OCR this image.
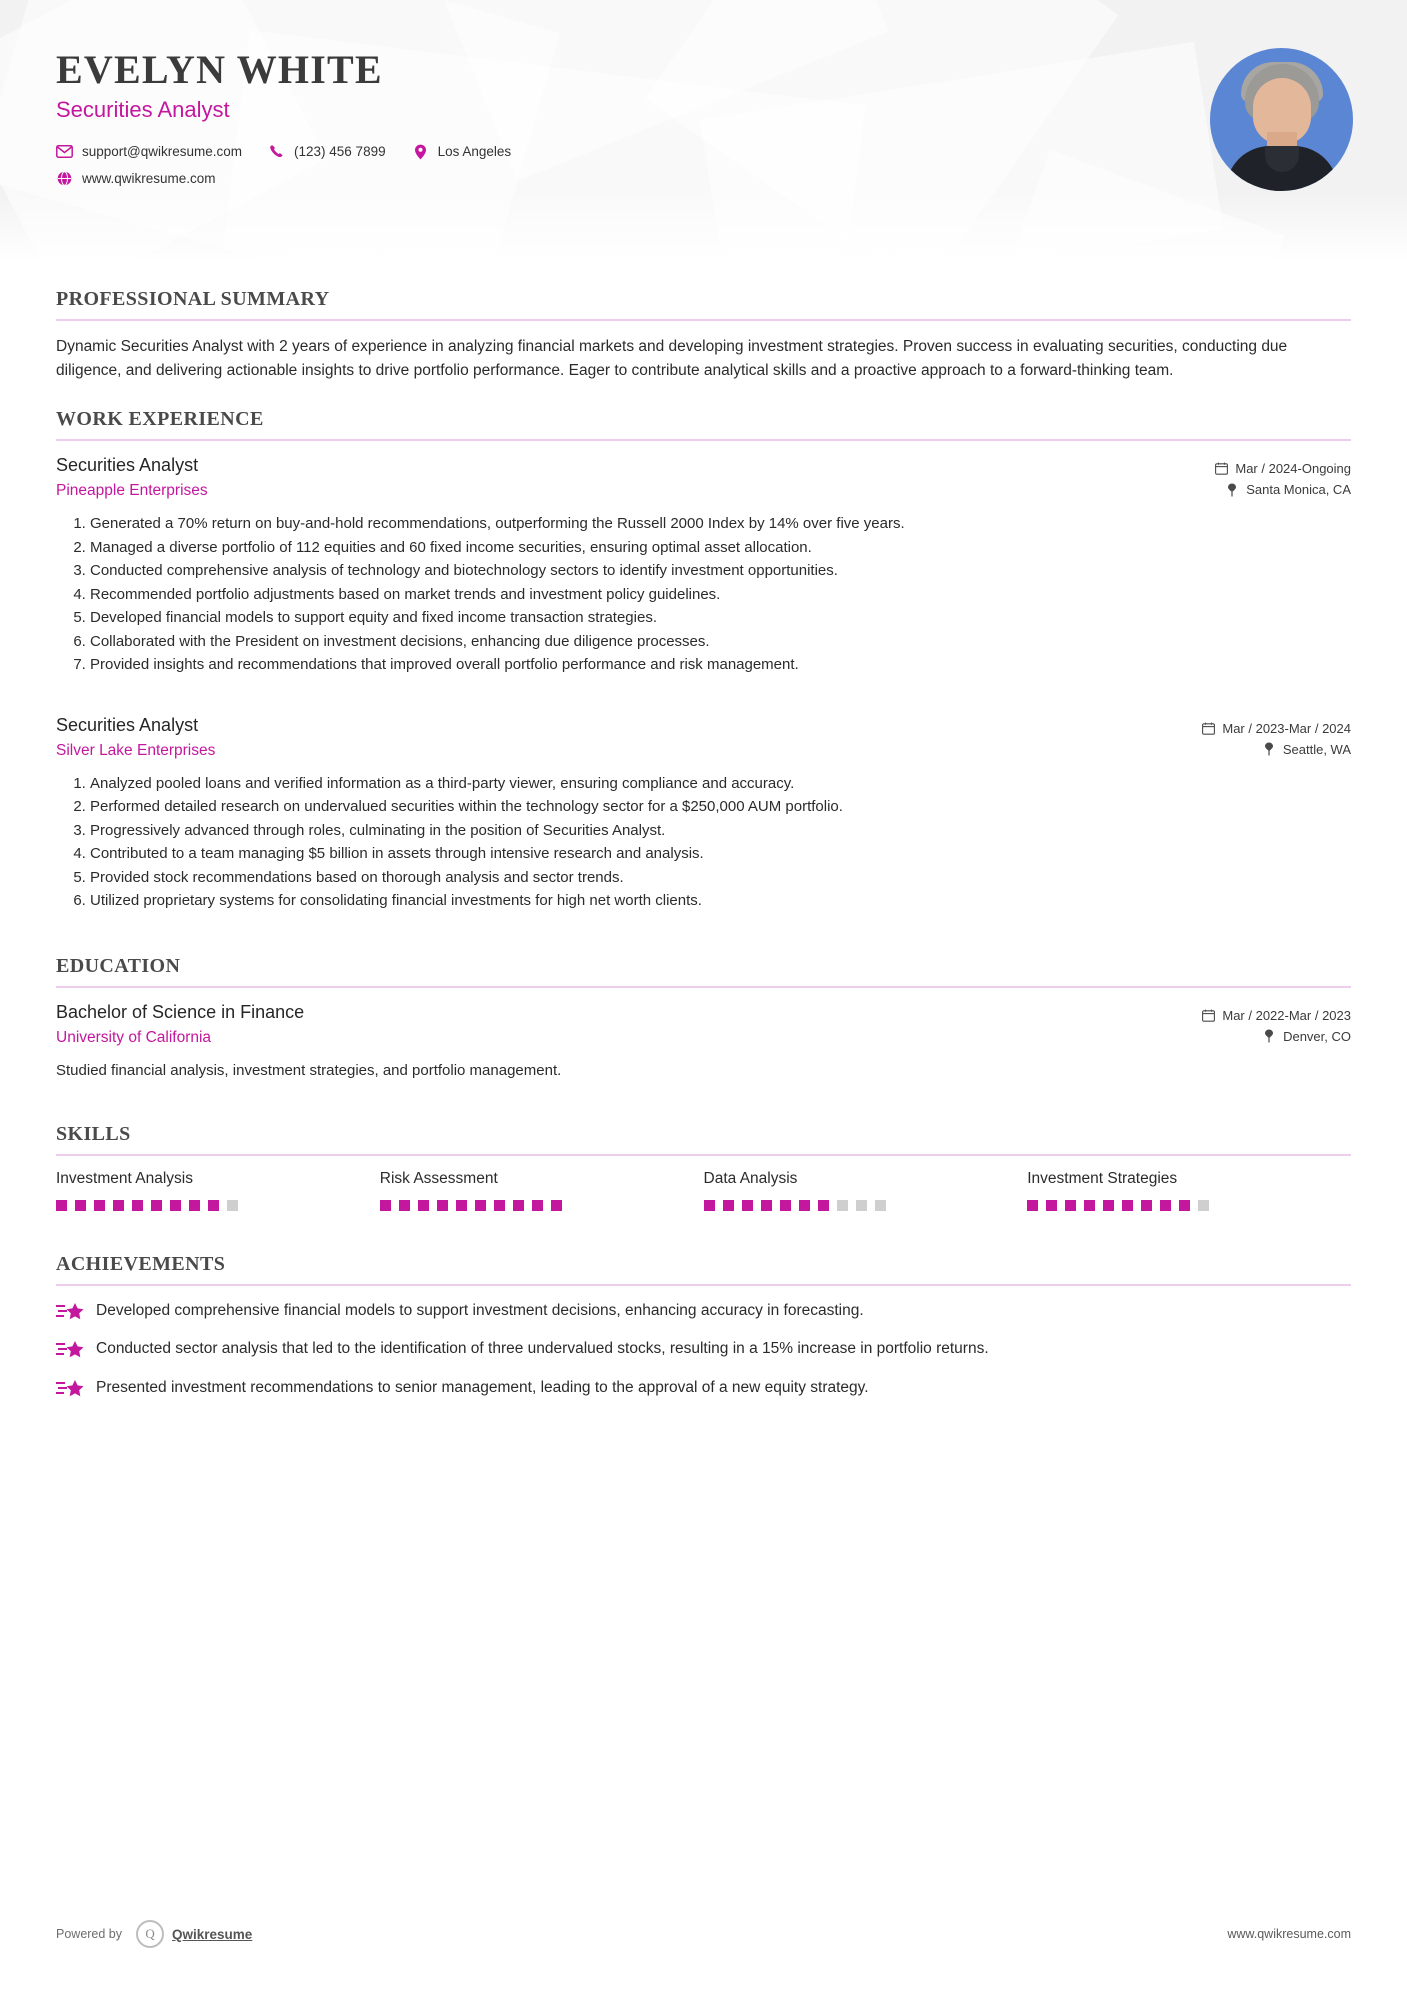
EVELYN WHITE
Securities Analyst
support@qwikresume.com	(123) 456 7899	Los Angeles
www.qwikresume.com
PROFESSIONAL SUMMARY

Dynamic Securities Analyst with 2 years of experience in analyzing financial markets and developing investment strategies. Proven success in evaluating securities, conducting due diligence, and delivering actionable insights to drive portfolio performance. Eager to contribute analytical skills and a proactive approach to a forward-thinking team.

WORK EXPERIENCE
Securities Analyst
Pineapple Enterprises
Mar / 2024-Ongoing
Santa Monica, CA
1. Generated a 70% return on buy-and-hold recommendations, outperforming the Russell 2000 Index by 14% over five years.
2. Managed a diverse portfolio of 112 equities and 60 fixed income securities, ensuring optimal asset allocation.
3. Conducted comprehensive analysis of technology and biotechnology sectors to identify investment opportunities.
4. Recommended portfolio adjustments based on market trends and investment policy guidelines.
5. Developed financial models to support equity and fixed income transaction strategies.
6. Collaborated with the President on investment decisions, enhancing due diligence processes.
7. Provided insights and recommendations that improved overall portfolio performance and risk management.
Securities Analyst
Silver Lake Enterprises
Mar / 2023-Mar / 2024
Seattle, WA
1. Analyzed pooled loans and verified information as a third-party viewer, ensuring compliance and accuracy.
2. Performed detailed research on undervalued securities within the technology sector for a $250,000 AUM portfolio.
3. Progressively advanced through roles, culminating in the position of Securities Analyst.
4. Contributed to a team managing $5 billion in assets through intensive research and analysis.
5. Provided stock recommendations based on thorough analysis and sector trends.
6. Utilized proprietary systems for consolidating financial investments for high net worth clients.
EDUCATION
Bachelor of Science in Finance
University of California
Mar / 2022-Mar / 2023
Denver, CO

Studied financial analysis, investment strategies, and portfolio management.

SKILLS
Investment Analysis	Risk Assessment	Data Analysis	Investment Strategies
ACHIEVEMENTS
Developed comprehensive financial models to support investment decisions, enhancing accuracy in forecasting.
Conducted sector analysis that led to the identification of three undervalued stocks, resulting in a 15% increase in portfolio returns.
Presented investment recommendations to senior management, leading to the approval of a new equity strategy.
Powered by	Q	Qwikresume	www.qwikresume.com
